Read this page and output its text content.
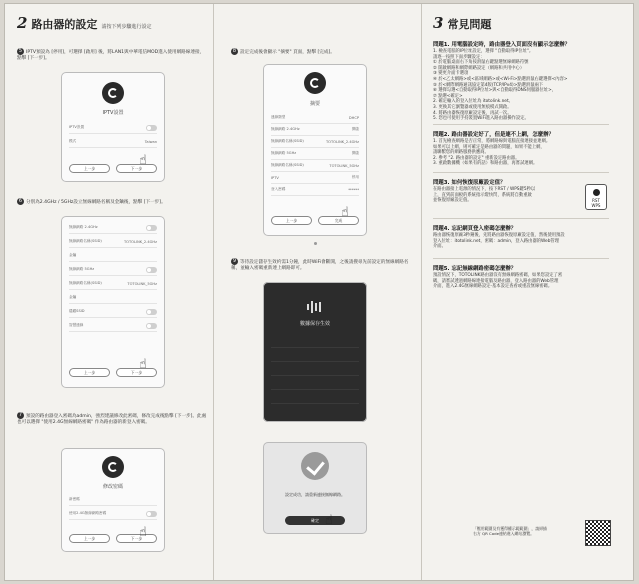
2 路由器的設定 請按下列步驟進行設定
5 IPTV預設為 [停用]，可選擇 [啟用] 後，將LAN1與中華電信MOD進入使用網路線連接，點擊 [下一步]。
IPTV設置
IPTV設置
模式	Taiwan
上一步	下一步
☝
6 分別為2.4GHz / 5GHz設立無線網路名稱及金鑰後，點擊 [下一步]。
無線網路 2.4GHz
無線網路名稱(SSID)	TOTOLINK_2.4GHz
金鑰
無線網路 5GHz
無線網路名稱(SSID)	TOTOLINK_5GHz
金鑰
隱藏SSID
智慧連線
上一步	下一步
☝
7 預設的路由器登入密碼為admin，強烈建議修改此密碼，修改完成後點擊 [下一步]。此處也可以選擇 "使用2.4G無線網路密碼" 作為路由器的新登入密碼。
修改密碼
新密碼
使用2.4G無線網路密碼
上一步	下一步
☝
8 設定完成後會顯示 "摘要" 頁面，點擊 [完成]。
摘要
連線類型	DHCP
無線網路 2.4GHz	開啟
無線網路名稱(SSID)	TOTOLINK_2.4GHz
無線網路 5GHz	開啟
無線網路名稱(SSID)	TOTOLINK_5GHz
IPTV	停用
登入密碼	******
上一步	完成
☝
9 等待設定儲存生效約需1分鐘，此時WiFi會斷開，之後請搜尋先前設定的無線網路名稱，並輸入密碼重新連上網路即可。
數據保存生效
設定成功，請重新連接無線網路。
確定 ☝
3 常見問題
問題1. 用電腦設定時，路由器登入頁面沒有顯示怎麼辦？
1. 檢查電腦的IP位址設定，選擇 "自動取得IP位址"。
請逐一按照下面步驟設定：
① 於電腦桌面右下角按滑鼠右鍵點選無線網路符號
② 開啟網路和網際網路設定（網路和共用中心）
③ 變更介面卡選項
④ 於<乙太網路>或<區域網路>或<Wi-Fi>點選滑鼠右鍵選擇<內容>
⑤ 於<網際網路通訊協定第4版(TCP/IPv4)>點選滑鼠兩下
⑥ 選擇勾選<自動取得IP位址>與<自動取得DNS伺服器位址>，
⑦ 點選<確定>
2. 確定輸入的登入位址為 itotolink.net。
3. 更換其它瀏覽器或使用無痕模式開啟。
4. 將路由器恢復原廠設定後，再試一次。
5. 您也可使用手持裝置WiFi進入路由器操作設定。
問題2. 路由器設定好了，但是連不上網，怎麼辦？
1. 首先檢查網路是否正常，將網路線與電腦直接連接並連網。
如果可以上網，則可確定是路由器的問題，如果不能上網，
請聯繫您的網路服務供應商。
2. 參考 "2. 路由器的設定" 重新設定路由器。
3. 重啟數據機（如果有的話）和路由器，再嘗試連網。
問題3. 如何恢復原廠設定值？
在路由器接上電源的情況下，按下RST / WPS鍵5秒以
上，直到前面板的系統指示燈快閃，系統將自動重啟
並恢復原廠設定值。	RST
WPS
問題4. 忘記網頁登入密碼怎麼辦？
路由器恢復原廠3秒鐘後，先將路由器恢復原廠設定值，然後使用預設
登入位址：itotolink.net，密碼：admin，登入路由器的Web管理
介面。
問題5. 忘記無線網路密碼怎麼辦？
預設情況下，TOTOLINK路由器沒有無線網路密碼，如果您設定了密
碼，請嘗試透過網路線連接電腦及路由器，登入路由器的Web管理
介面，進入2.4G無線網路設定-基本設定查看或重設無線密碼。
「壓用範圍及有獲得權示範範圍」，請掃描
右方 QR Code連結進入網站瀏覽。
